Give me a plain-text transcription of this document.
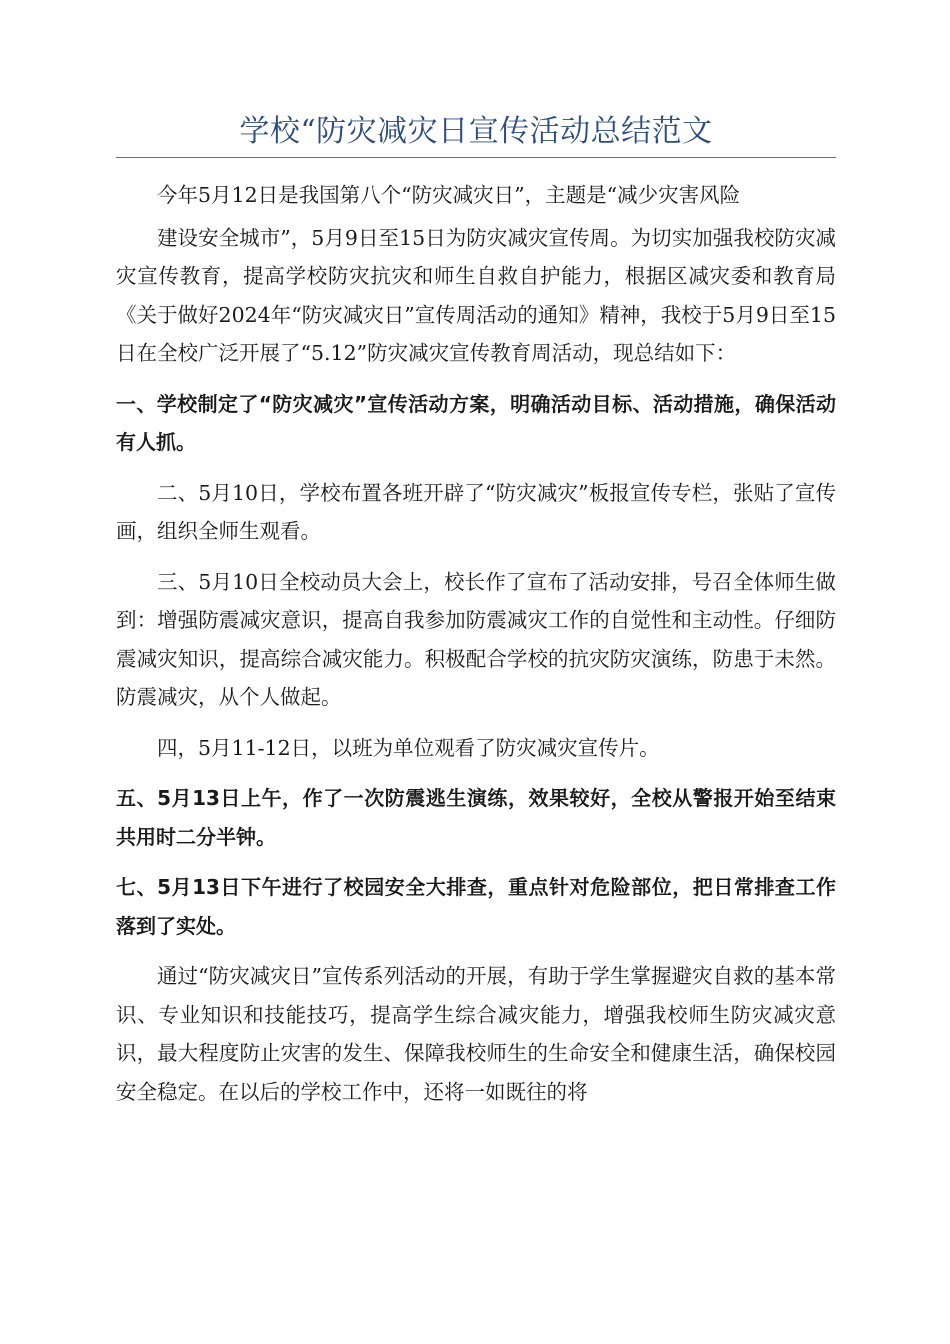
学校“防灾减灾日宣传活动总结范文

今年5月12日是我国第八个“防灾减灾日”，主题是“减少灾害风险

建设安全城市”，5月9日至15日为防灾减灾宣传周。为切实加强我校防灾减灾宣传教育，提高学校防灾抗灾和师生自救自护能力，根据区减灾委和教育局《关于做好2024年“防灾减灾日”宣传周活动的通知》精神，我校于5月9日至15日在全校广泛开展了“5.12”防灾减灾宣传教育周活动，现总结如下：

一、学校制定了“防灾减灾”宣传活动方案，明确活动目标、活动措施，确保活动有人抓。

二、5月10日，学校布置各班开辟了“防灾减灾”板报宣传专栏，张贴了宣传画，组织全师生观看。

三、5月10日全校动员大会上，校长作了宣布了活动安排，号召全体师生做到：增强防震减灾意识，提高自我参加防震减灾工作的自觉性和主动性。仔细防震减灾知识，提高综合减灾能力。积极配合学校的抗灾防灾演练，防患于未然。防震减灾，从个人做起。

四，5月11-12日，以班为单位观看了防灾减灾宣传片。

五、5月13日上午，作了一次防震逃生演练，效果较好，全校从警报开始至结束共用时二分半钟。

七、5月13日下午进行了校园安全大排查，重点针对危险部位，把日常排查工作落到了实处。

通过“防灾减灾日”宣传系列活动的开展，有助于学生掌握避灾自救的基本常识、专业知识和技能技巧，提高学生综合减灾能力，增强我校师生防灾减灾意识，最大程度防止灾害的发生、保障我校师生的生命安全和健康生活，确保校园安全稳定。在以后的学校工作中，还将一如既往的将
